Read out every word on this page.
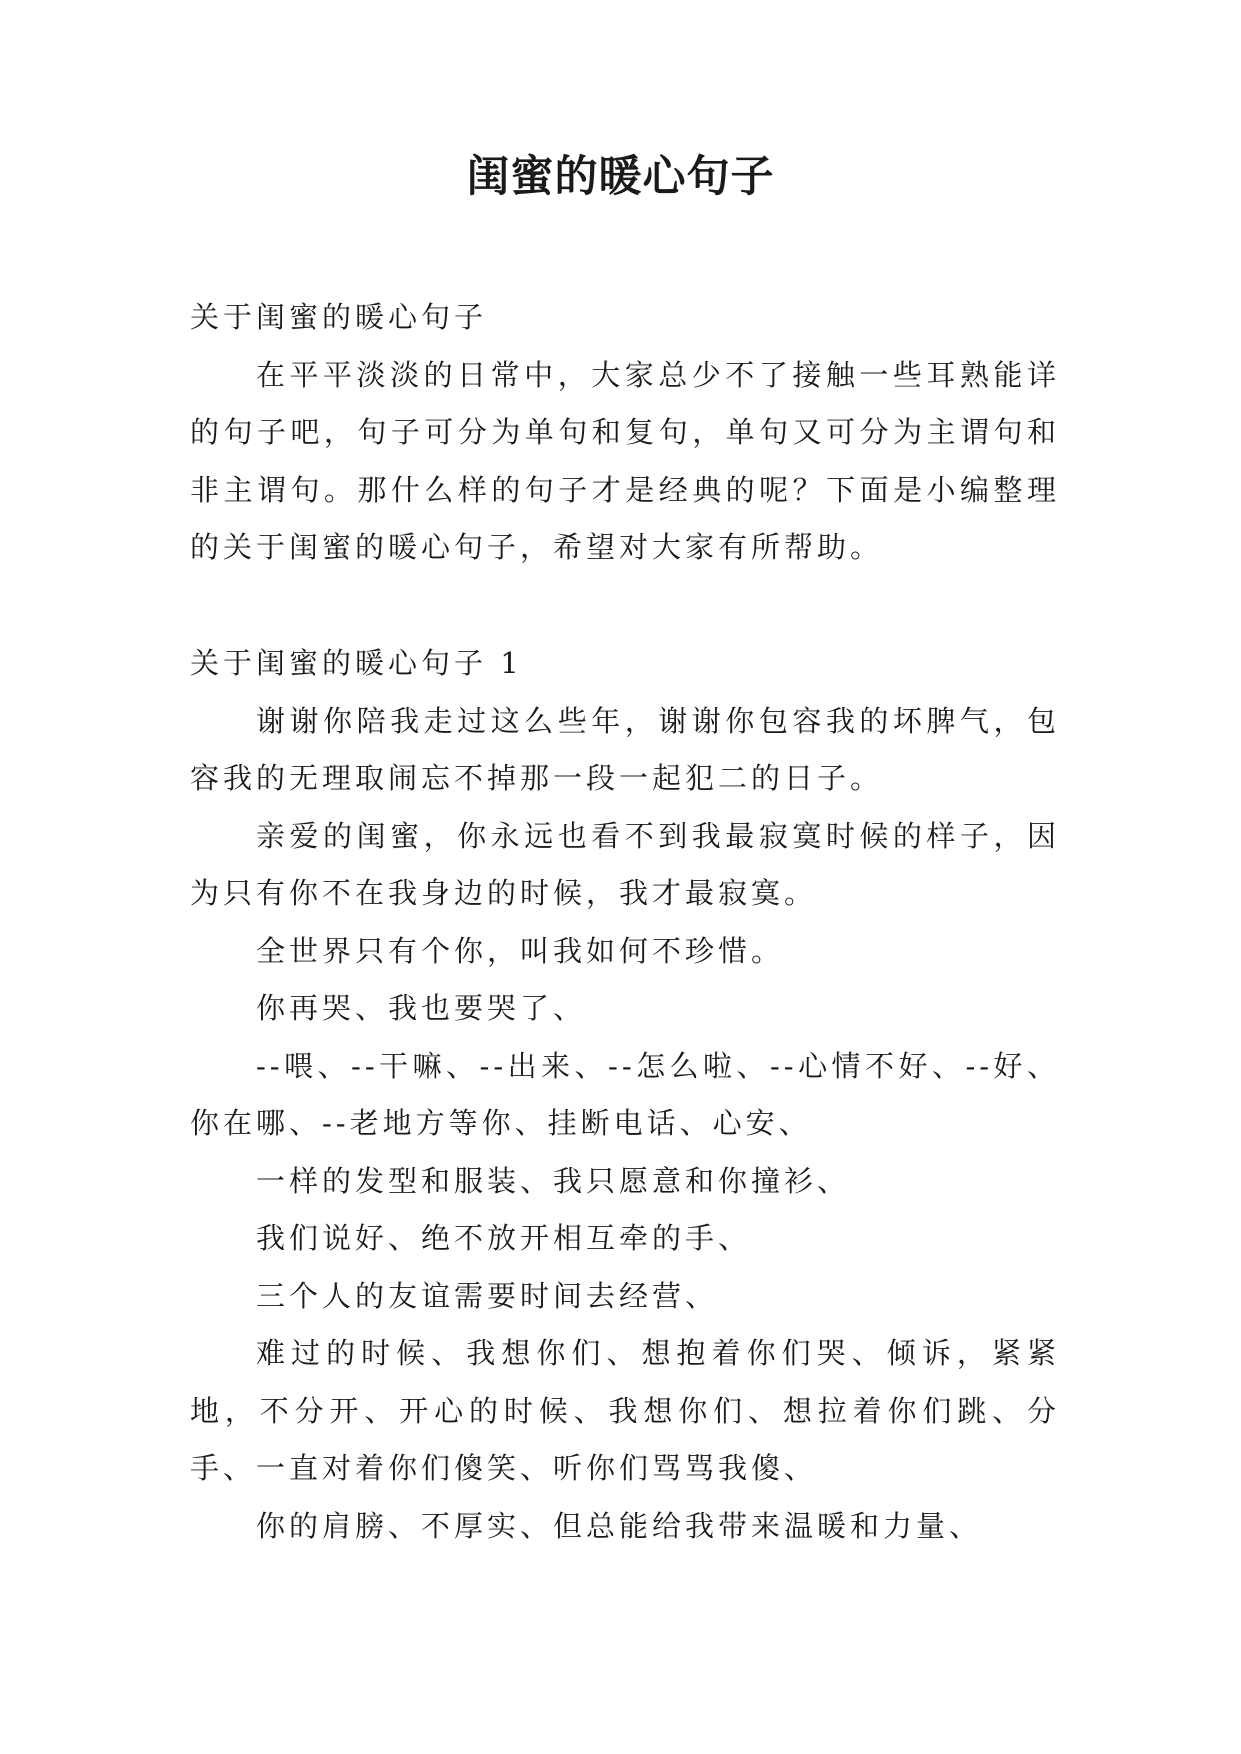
闺蜜的暖心句子
关于闺蜜的暖心句子

在平平淡淡的日常中，大家总少不了接触一些耳熟能详的句子吧，句子可分为单句和复句，单句又可分为主谓句和非主谓句。那什么样的句子才是经典的呢？下面是小编整理的关于闺蜜的暖心句子，希望对大家有所帮助。

关于闺蜜的暖心句子 1

谢谢你陪我走过这么些年，谢谢你包容我的坏脾气，包容我的无理取闹忘不掉那一段一起犯二的日子。

亲爱的闺蜜，你永远也看不到我最寂寞时候的样子，因为只有你不在我身边的时候，我才最寂寞。

全世界只有个你，叫我如何不珍惜。

你再哭、我也要哭了、

--喂、--干嘛、--出来、--怎么啦、--心情不好、--好、你在哪、--老地方等你、挂断电话、心安、

一样的发型和服装、我只愿意和你撞衫、

我们说好、绝不放开相互牵的手、

三个人的友谊需要时间去经营、

难过的时候、我想你们、想抱着你们哭、倾诉，紧紧地，不分开、开心的时候、我想你们、想拉着你们跳、分手、一直对着你们傻笑、听你们骂骂我傻、

你的肩膀、不厚实、但总能给我带来温暖和力量、
